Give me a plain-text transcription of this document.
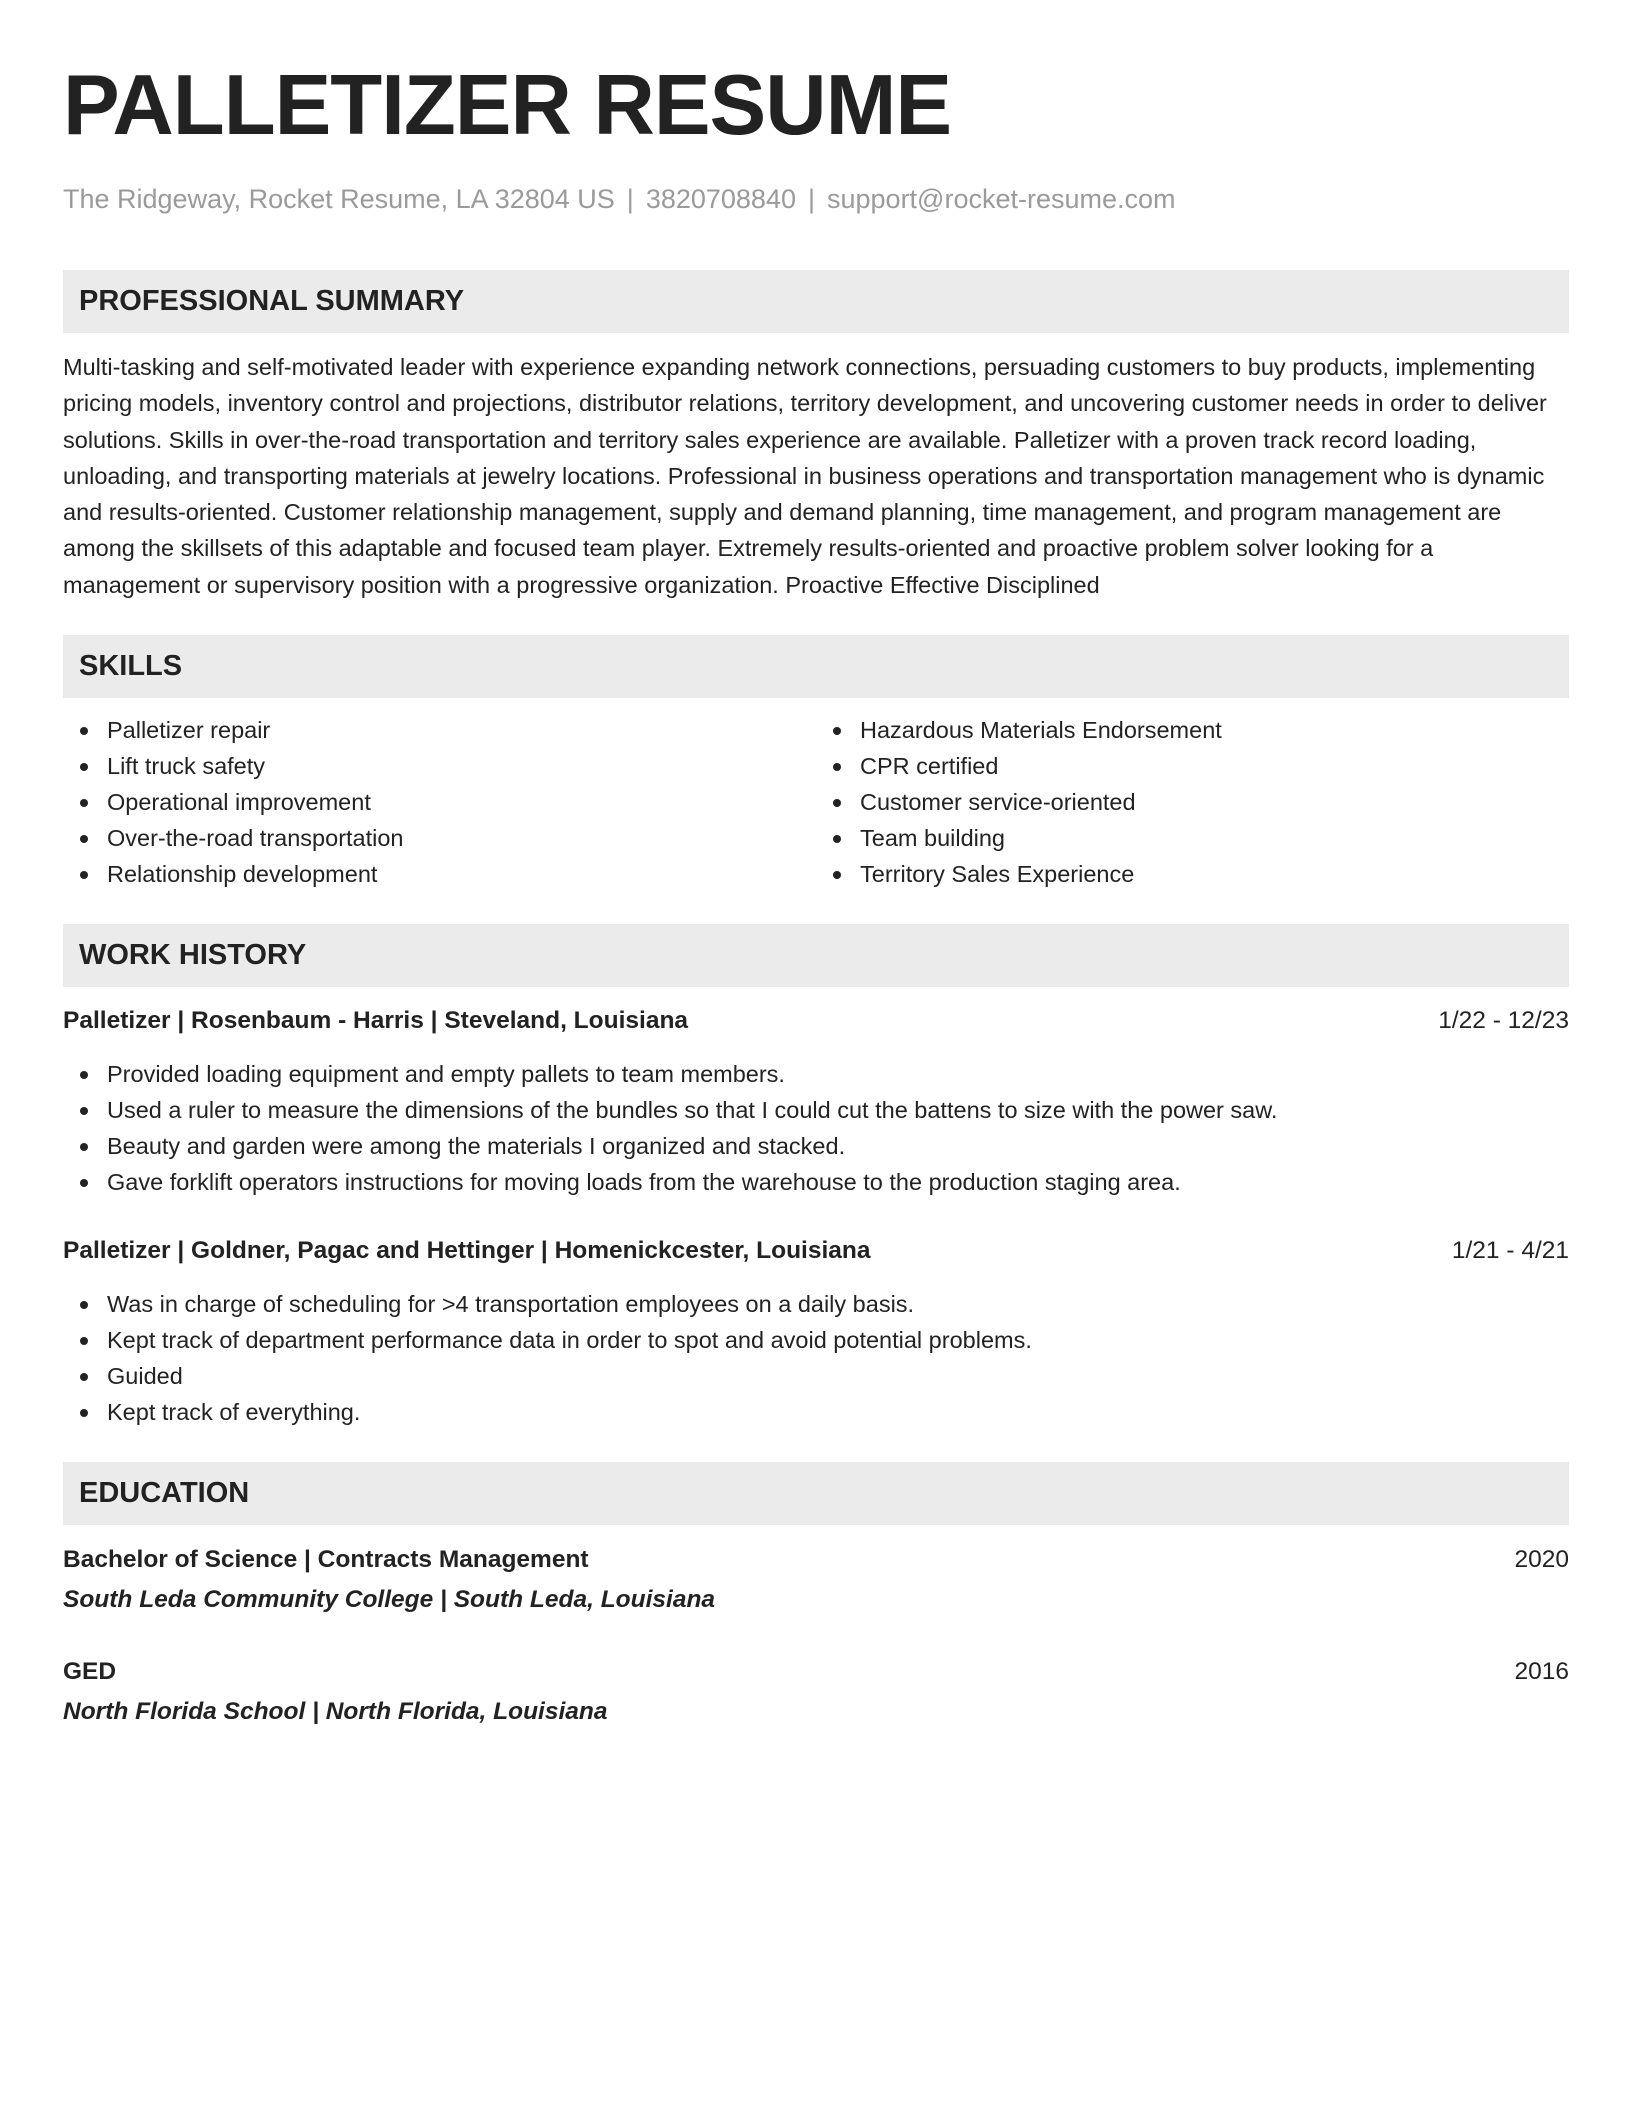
PALLETIZER RESUME
The Ridgeway, Rocket Resume, LA 32804 US | 3820708840 | support@rocket-resume.com
PROFESSIONAL SUMMARY

Multi-tasking and self-motivated leader with experience expanding network connections, persuading customers to buy products, implementing pricing models, inventory control and projections, distributor relations, territory development, and uncovering customer needs in order to deliver solutions. Skills in over-the-road transportation and territory sales experience are available. Palletizer with a proven track record loading, unloading, and transporting materials at jewelry locations. Professional in business operations and transportation management who is dynamic and results-oriented. Customer relationship management, supply and demand planning, time management, and program management are among the skillsets of this adaptable and focused team player. Extremely results-oriented and proactive problem solver looking for a management or supervisory position with a progressive organization. Proactive Effective Disciplined

SKILLS
Palletizer repair
Lift truck safety
Operational improvement
Over-the-road transportation
Relationship development
Hazardous Materials Endorsement
CPR certified
Customer service-oriented
Team building
Territory Sales Experience
WORK HISTORY
Palletizer | Rosenbaum - Harris | Steveland, Louisiana	1/22 - 12/23
Provided loading equipment and empty pallets to team members.
Used a ruler to measure the dimensions of the bundles so that I could cut the battens to size with the power saw.
Beauty and garden were among the materials I organized and stacked.
Gave forklift operators instructions for moving loads from the warehouse to the production staging area.
Palletizer | Goldner, Pagac and Hettinger | Homenickcester, Louisiana	1/21 - 4/21
Was in charge of scheduling for >4 transportation employees on a daily basis.
Kept track of department performance data in order to spot and avoid potential problems.
Guided
Kept track of everything.
EDUCATION
Bachelor of Science | Contracts Management	2020
South Leda Community College | South Leda, Louisiana
GED	2016
North Florida School | North Florida, Louisiana
